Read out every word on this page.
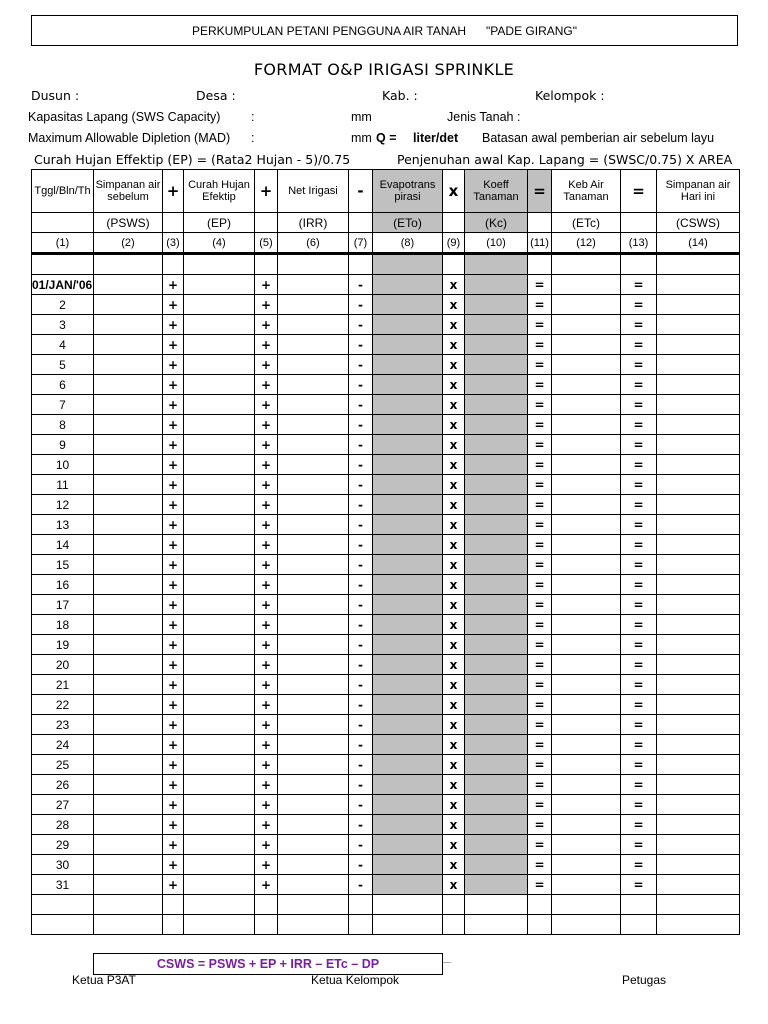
PERKUMPULAN PETANI PENGGUNA AIR TANAH "PADE GIRANG"
FORMAT O&P IRIGASI SPRINKLE
Dusun :	Desa :	Kab. :	Kelompok :
Kapasitas Lapang (SWS Capacity) :	mm	Jenis Tanah :
Maximum Allowable Dipletion (MAD) :	mm Q = liter/det Batasan awal pemberian air sebelum layu
Curah Hujan Effektip (EP) = (Rata2 Hujan - 5)/0.75	Penjenuhan awal Kap. Lapang = (SWSC/0.75) X AREA
Tggl/Bln/Th	Simpanan air sebelum	+	Curah Hujan Efektip	+	Net Irigasi	-	Evapotrans pirasi	x	Koeff Tanaman	=	Keb Air Tanaman	=	Simpanan air Hari ini
	(PSWS)		(EP)		(IRR)		(ETo)		(Kc)		(ETc)		(CSWS)
(1)	(2)	(3)	(4)	(5)	(6)	(7)	(8)	(9)	(10)	(11)	(12)	(13)	(14)

01/JAN/'06		+		+		-		x		=		=	
2		+		+		-		x		=		=	
3		+		+		-		x		=		=	
4		+		+		-		x		=		=	
5		+		+		-		x		=		=	
6		+		+		-		x		=		=	
7		+		+		-		x		=		=	
8		+		+		-		x		=		=	
9		+		+		-		x		=		=	
10		+		+		-		x		=		=	
11		+		+		-		x		=		=	
12		+		+		-		x		=		=	
13		+		+		-		x		=		=	
14		+		+		-		x		=		=	
15		+		+		-		x		=		=	
16		+		+		-		x		=		=	
17		+		+		-		x		=		=	
18		+		+		-		x		=		=	
19		+		+		-		x		=		=	
20		+		+		-		x		=		=	
21		+		+		-		x		=		=	
22		+		+		-		x		=		=	
23		+		+		-		x		=		=	
24		+		+		-		x		=		=	
25		+		+		-		x		=		=	
26		+		+		-		x		=		=	
27		+		+		-		x		=		=	
28		+		+		-		x		=		=	
29		+		+		-		x		=		=	
30		+		+		-		x		=		=	
31		+		+		-		x		=		=	

CSWS = PSWS + EP + IRR – ETc – DP
Ketua P3AT	Ketua Kelompok	Petugas
